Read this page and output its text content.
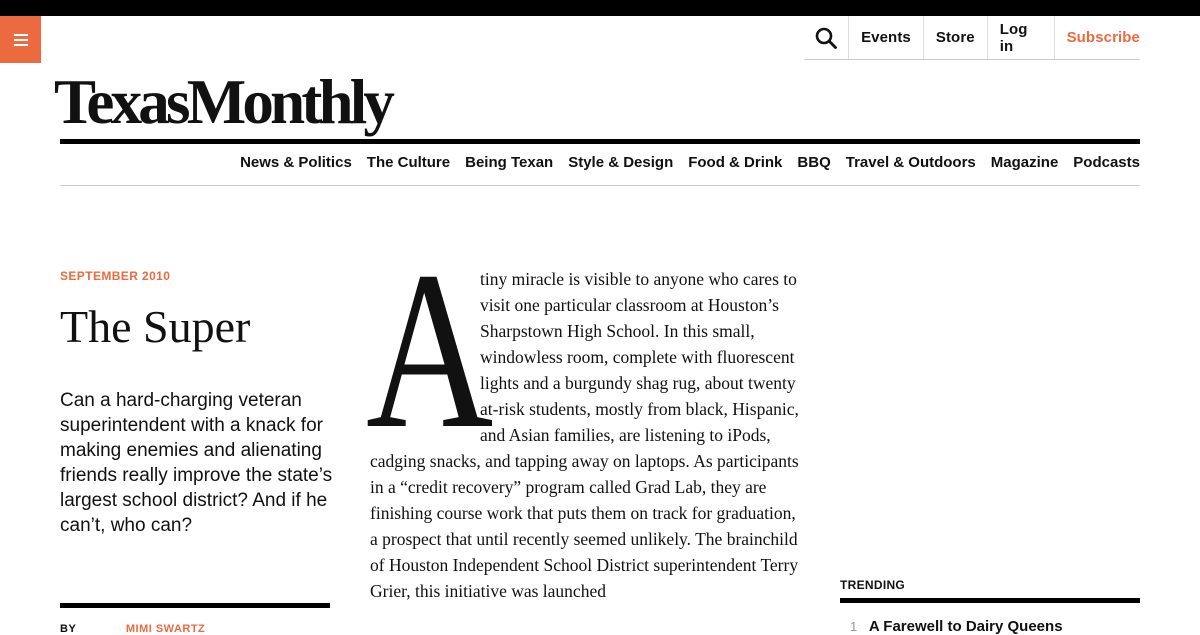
Events	Store	Log in	Subscribe
TexasMonthly
News & Politics The Culture Being Texan Style & Design Food & Drink BBQ Travel & Outdoors Magazine Podcasts
SEPTEMBER 2010
The Super
Can a hard-charging veteran superintendent with a knack for making enemies and alienating friends really improve the state’s largest school district? And if he can’t, who can?
BY	MIMI SWARTZ
A
tiny miracle is visible to anyone who cares to visit one particular classroom at Houston’s Sharpstown High School. In this small, windowless room, complete with fluorescent lights and a burgundy shag rug, about twenty at-risk students, mostly from black, Hispanic, and Asian families, are listening to iPods, cadging snacks, and tapping away on laptops. As participants in a “credit recovery” program called Grad Lab, they are finishing course work that puts them on track for graduation, a prospect that until recently seemed unlikely. The brainchild of Houston Independent School District superintendent Terry Grier, this initiative was launched	TRENDING
1 A Farewell to Dairy Queens
